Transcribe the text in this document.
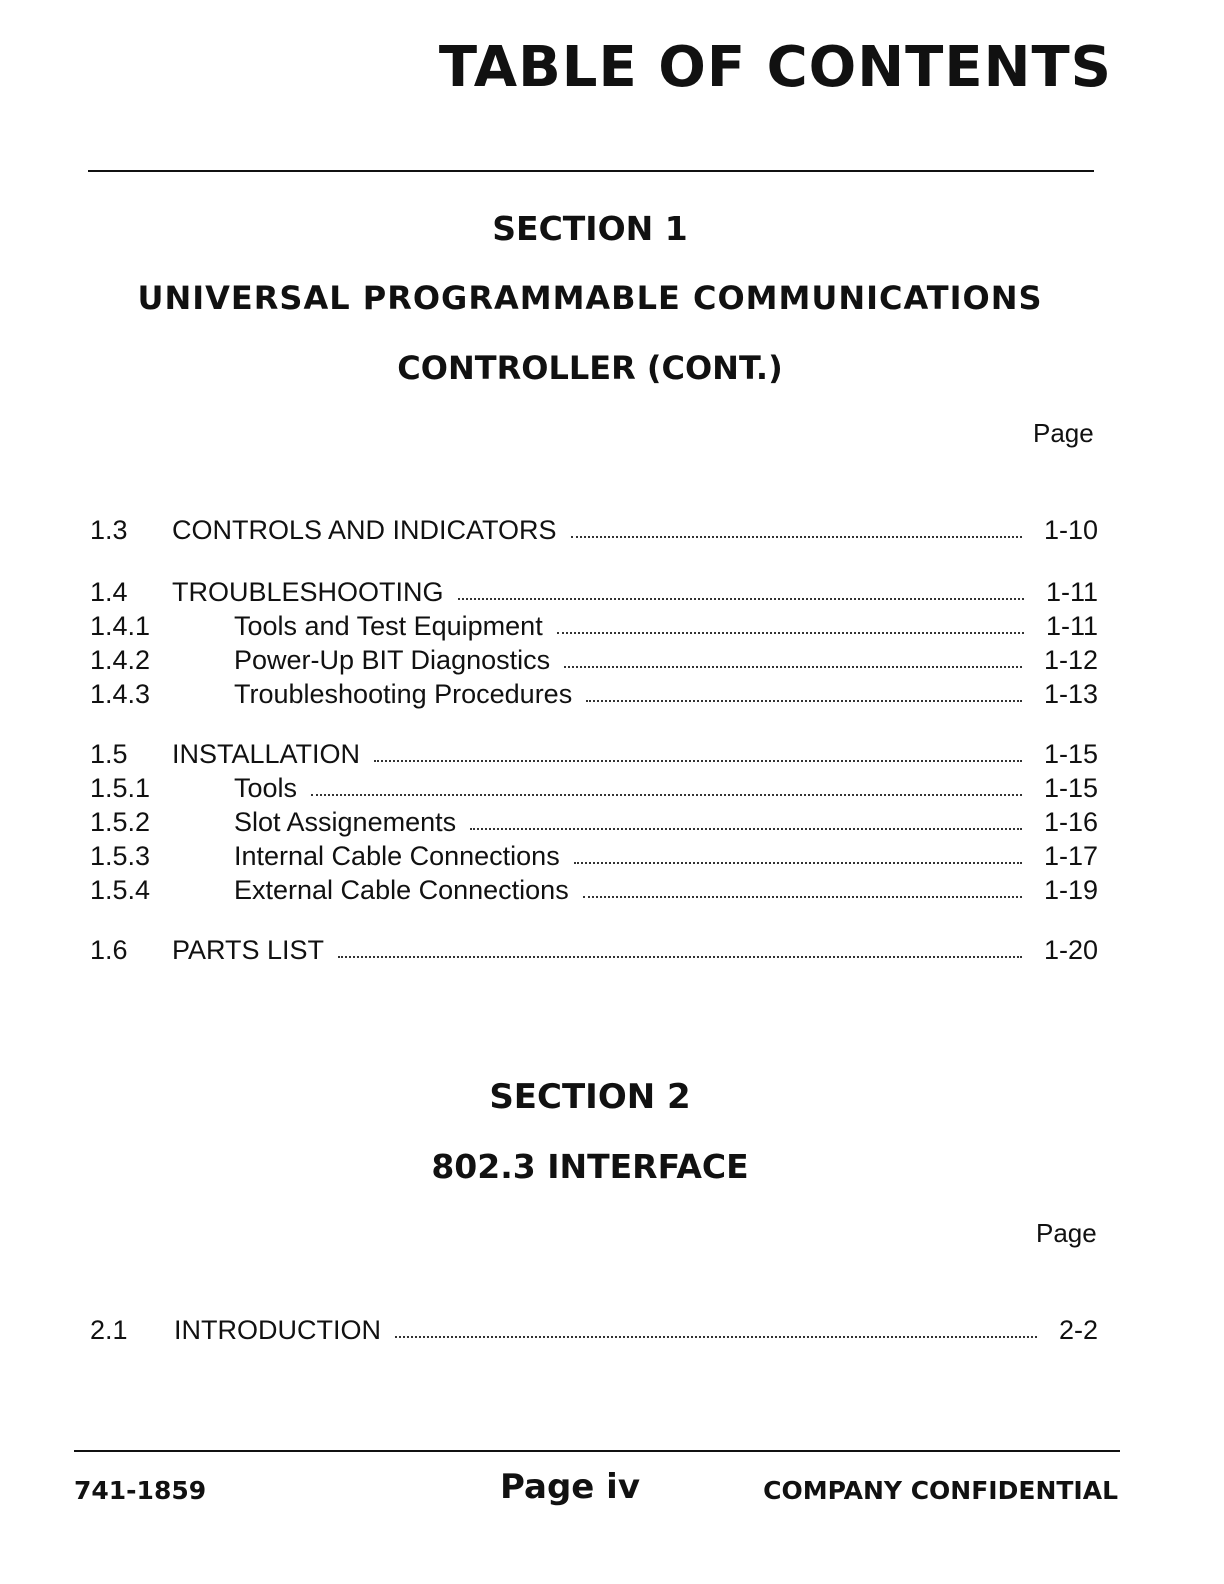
TABLE OF CONTENTS
SECTION 1
UNIVERSAL PROGRAMMABLE COMMUNICATIONS
CONTROLLER (CONT.)
Page
1.3	CONTROLS AND INDICATORS	1-10
1.4	TROUBLESHOOTING	1-11
1.4.1	Tools and Test Equipment	1-11
1.4.2	Power-Up BIT Diagnostics	1-12
1.4.3	Troubleshooting Procedures	1-13
1.5	INSTALLATION	1-15
1.5.1	Tools	1-15
1.5.2	Slot Assignements	1-16
1.5.3	Internal Cable Connections	1-17
1.5.4	External Cable Connections	1-19
1.6	PARTS LIST	1-20
SECTION 2
802.3 INTERFACE
Page
2.1	INTRODUCTION	2-2
741-1859	Page iv	COMPANY CONFIDENTIAL
